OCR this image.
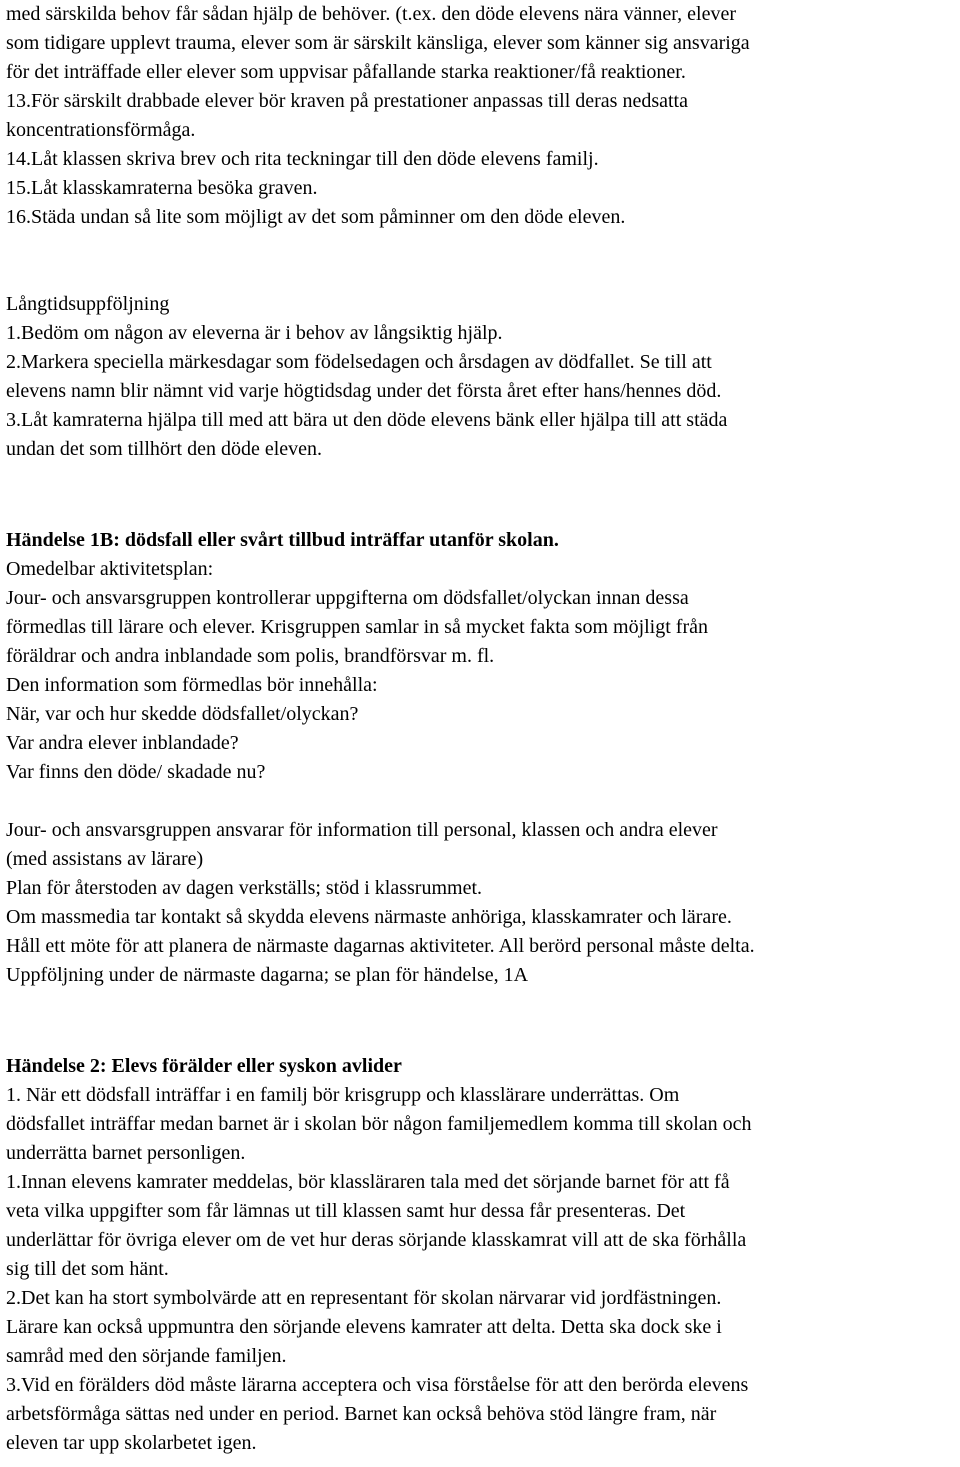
med särskilda behov får sådan hjälp de behöver. (t.ex. den döde elevens nära vänner, elever
som tidigare upplevt trauma, elever som är särskilt känsliga, elever som känner sig ansvariga
för det inträffade eller elever som uppvisar påfallande starka reaktioner/få reaktioner.
13.För särskilt drabbade elever bör kraven på prestationer anpassas till deras nedsatta
koncentrationsförmåga.
14.Låt klassen skriva brev och rita teckningar till den döde elevens familj.
15.Låt klasskamraterna besöka graven.
16.Städa undan så lite som möjligt av det som påminner om den döde eleven.
Långtidsuppföljning
1.Bedöm om någon av eleverna är i behov av långsiktig hjälp.
2.Markera speciella märkesdagar som födelsedagen och årsdagen av dödfallet. Se till att
elevens namn blir nämnt vid varje högtidsdag under det första året efter hans/hennes död.
3.Låt kamraterna hjälpa till med att bära ut den döde elevens bänk eller hjälpa till att städa
undan det som tillhört den döde eleven.
Händelse 1B: dödsfall eller svårt tillbud inträffar utanför skolan.
Omedelbar aktivitetsplan:
Jour- och ansvarsgruppen kontrollerar uppgifterna om dödsfallet/olyckan innan dessa
förmedlas till lärare och elever. Krisgruppen samlar in så mycket fakta som möjligt från
föräldrar och andra inblandade som polis, brandförsvar m. fl.
Den information som förmedlas bör innehålla:
När, var och hur skedde dödsfallet/olyckan?
Var andra elever inblandade?
Var finns den döde/ skadade nu?
Jour- och ansvarsgruppen ansvarar för information till personal, klassen och andra elever
(med assistans av lärare)
Plan för återstoden av dagen verkställs; stöd i klassrummet.
Om massmedia tar kontakt så skydda elevens närmaste anhöriga, klasskamrater och lärare.
Håll ett möte för att planera de närmaste dagarnas aktiviteter. All berörd personal måste delta.
Uppföljning under de närmaste dagarna; se plan för händelse, 1A
Händelse 2: Elevs förälder eller syskon avlider
1. När ett dödsfall inträffar i en familj bör krisgrupp och klasslärare underrättas. Om
dödsfallet inträffar medan barnet är i skolan bör någon familjemedlem komma till skolan och
underrätta barnet personligen.
1.Innan elevens kamrater meddelas, bör klassläraren tala med det sörjande barnet för att få
veta vilka uppgifter som får lämnas ut till klassen samt hur dessa får presenteras. Det
underlättar för övriga elever om de vet hur deras sörjande klasskamrat vill att de ska förhålla
sig till det som hänt.
2.Det kan ha stort symbolvärde att en representant för skolan närvarar vid jordfästningen.
Lärare kan också uppmuntra den sörjande elevens kamrater att delta. Detta ska dock ske i
samråd med den sörjande familjen.
3.Vid en förälders död måste lärarna acceptera och visa förståelse för att den berörda elevens
arbetsförmåga sättas ned under en period. Barnet kan också behöva stöd längre fram, när
eleven tar upp skolarbetet igen.
